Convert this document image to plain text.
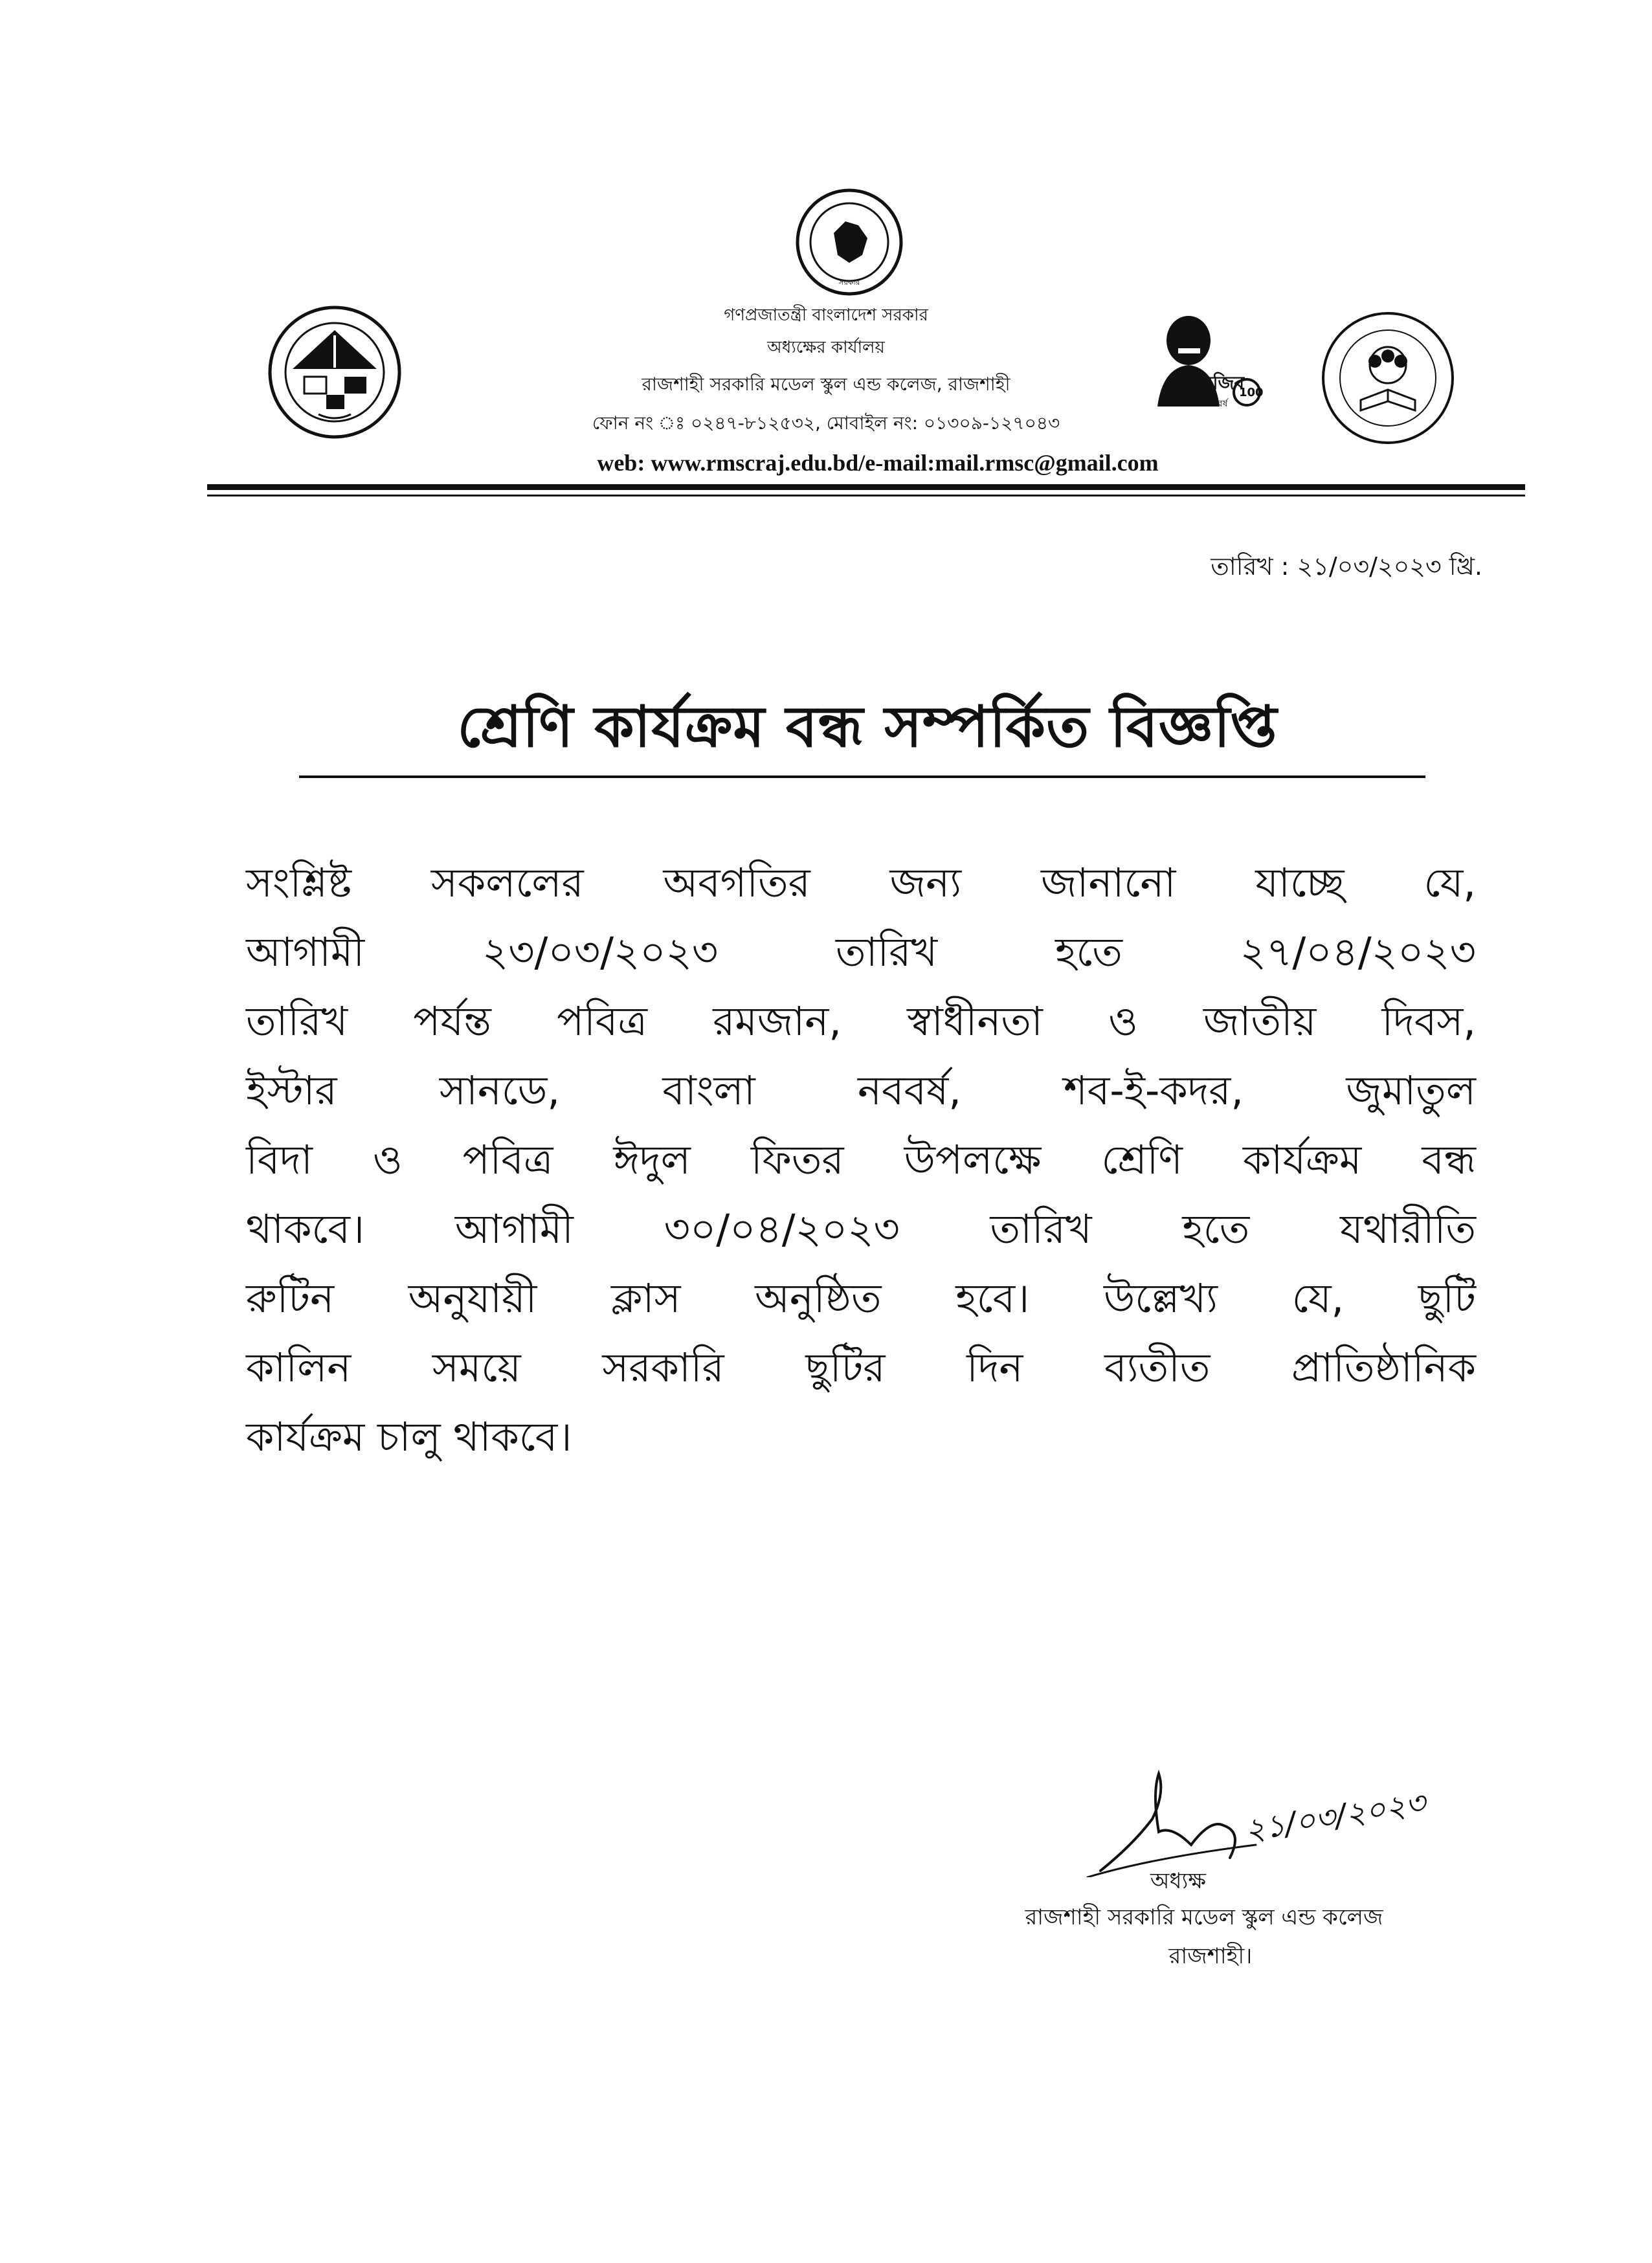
সরকার
মুজিব
শতবর্ষ
100
গণপ্রজাতন্ত্রী বাংলাদেশ সরকার
অধ্যক্ষের কার্যালয়
রাজশাহী সরকারি মডেল স্কুল এন্ড কলেজ, রাজশাহী
ফোন নং ঃ ০২৪৭-৮১২৫৩২, মোবাইল নং: ০১৩০৯-১২৭০৪৩
web: www.rmscraj.edu.bd/e-mail:mail.rmsc@gmail.com
তারিখ : ২১/০৩/২০২৩ খ্রি.
শ্রেণি কার্যক্রম বন্ধ সম্পর্কিত বিজ্ঞপ্তি
সংশ্লিষ্ট সকললের অবগতির জন্য জানানো যাচ্ছে যে,
আগামী ২৩/০৩/২০২৩ তারিখ হতে ২৭/০৪/২০২৩
তারিখ পর্যন্ত পবিত্র রমজান, স্বাধীনতা ও জাতীয় দিবস,
ইস্টার সানডে, বাংলা নববর্ষ, শব-ই-কদর, জুমাতুল
বিদা ও পবিত্র ঈদুল ফিতর উপলক্ষে শ্রেণি কার্যক্রম বন্ধ
থাকবে। আগামী ৩০/০৪/২০২৩ তারিখ হতে যথারীতি
রুটিন অনুযায়ী ক্লাস অনুষ্ঠিত হবে। উল্লেখ্য যে, ছুটি
কালিন সময়ে সরকারি ছুটির দিন ব্যতীত প্রাতিষ্ঠানিক
কার্যক্রম চালু থাকবে।
২১/০৩/২০২৩
অধ্যক্ষ
রাজশাহী সরকারি মডেল স্কুল এন্ড কলেজ
রাজশাহী।
